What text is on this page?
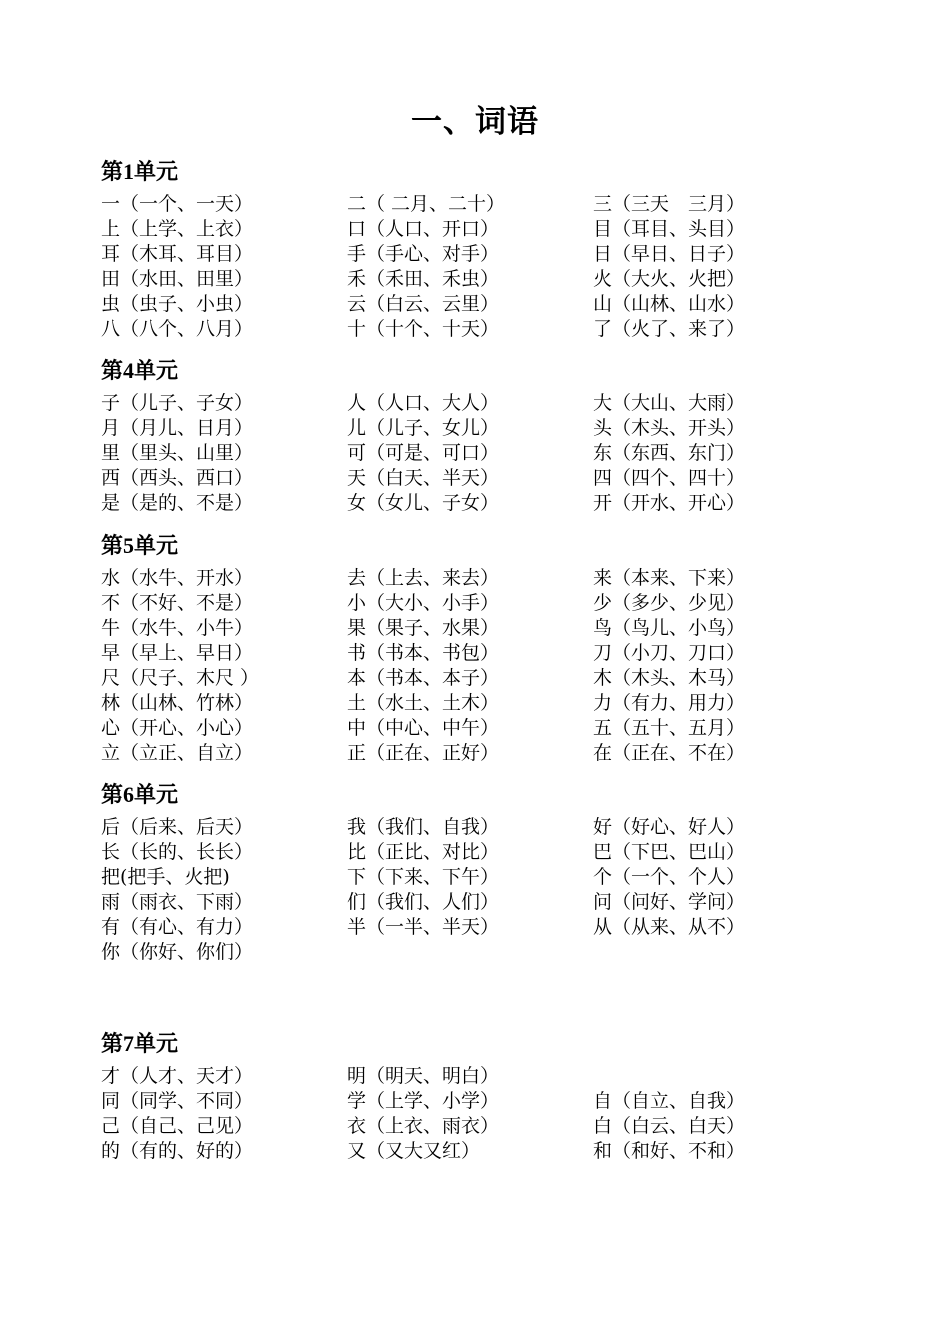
一、词语
第1单元
一（一个、一天）	二（ 二月、二十）	三（三天　三月）
上（上学、上衣）	口（人口、开口）	目（耳目、头目）
耳（木耳、耳目）	手（手心、对手）	日（早日、日子）
田（水田、田里）	禾（禾田、禾虫）	火（大火、火把）
虫（虫子、小虫）	云（白云、云里）	山（山林、山水）
八（八个、八月）	十（十个、十天）	了（火了、来了）
第4单元
子（儿子、子女）	人（人口、大人）	大（大山、大雨）
月（月儿、日月）	儿（儿子、女儿）	头（木头、开头）
里（里头、山里）	可（可是、可口）	东（东西、东门）
西（西头、西口）	天（白天、半天）	四（四个、四十）
是（是的、不是）	女（女儿、子女）	开（开水、开心）
第5单元
水（水牛、开水）	去（上去、来去）	来（本来、下来）
不（不好、不是）	小（大小、小手）	少（多少、少见）
牛（水牛、小牛）	果（果子、水果）	鸟（鸟儿、小鸟）
早（早上、早日）	书（书本、书包）	刀（小刀、刀口）
尺（尺子、木尺 ）	本（书本、本子）	木（木头、木马）
林（山林、竹林）	土（水土、土木）	力（有力、用力）
心（开心、小心）	中（中心、中午）	五（五十、五月）
立（立正、自立）	正（正在、正好）	在（正在、不在）
第6单元
后（后来、后天）	我（我们、自我）	好（好心、好人）
长（长的、长长）	比（正比、对比）	巴（下巴、巴山）
把(把手、火把)	下（下来、下午）	个（一个、个人）
雨（雨衣、下雨）	们（我们、人们）	问（问好、学问）
有（有心、有力）	半（一半、半天）	从（从来、从不）
你（你好、你们）
第7单元
才（人才、天才）	明（明天、明白）
同（同学、不同）	学（上学、小学）	自（自立、自我）
己（自己、己见）	衣（上衣、雨衣）	白（白云、白天）
的（有的、好的）	又（又大又红）	和（和好、不和）
